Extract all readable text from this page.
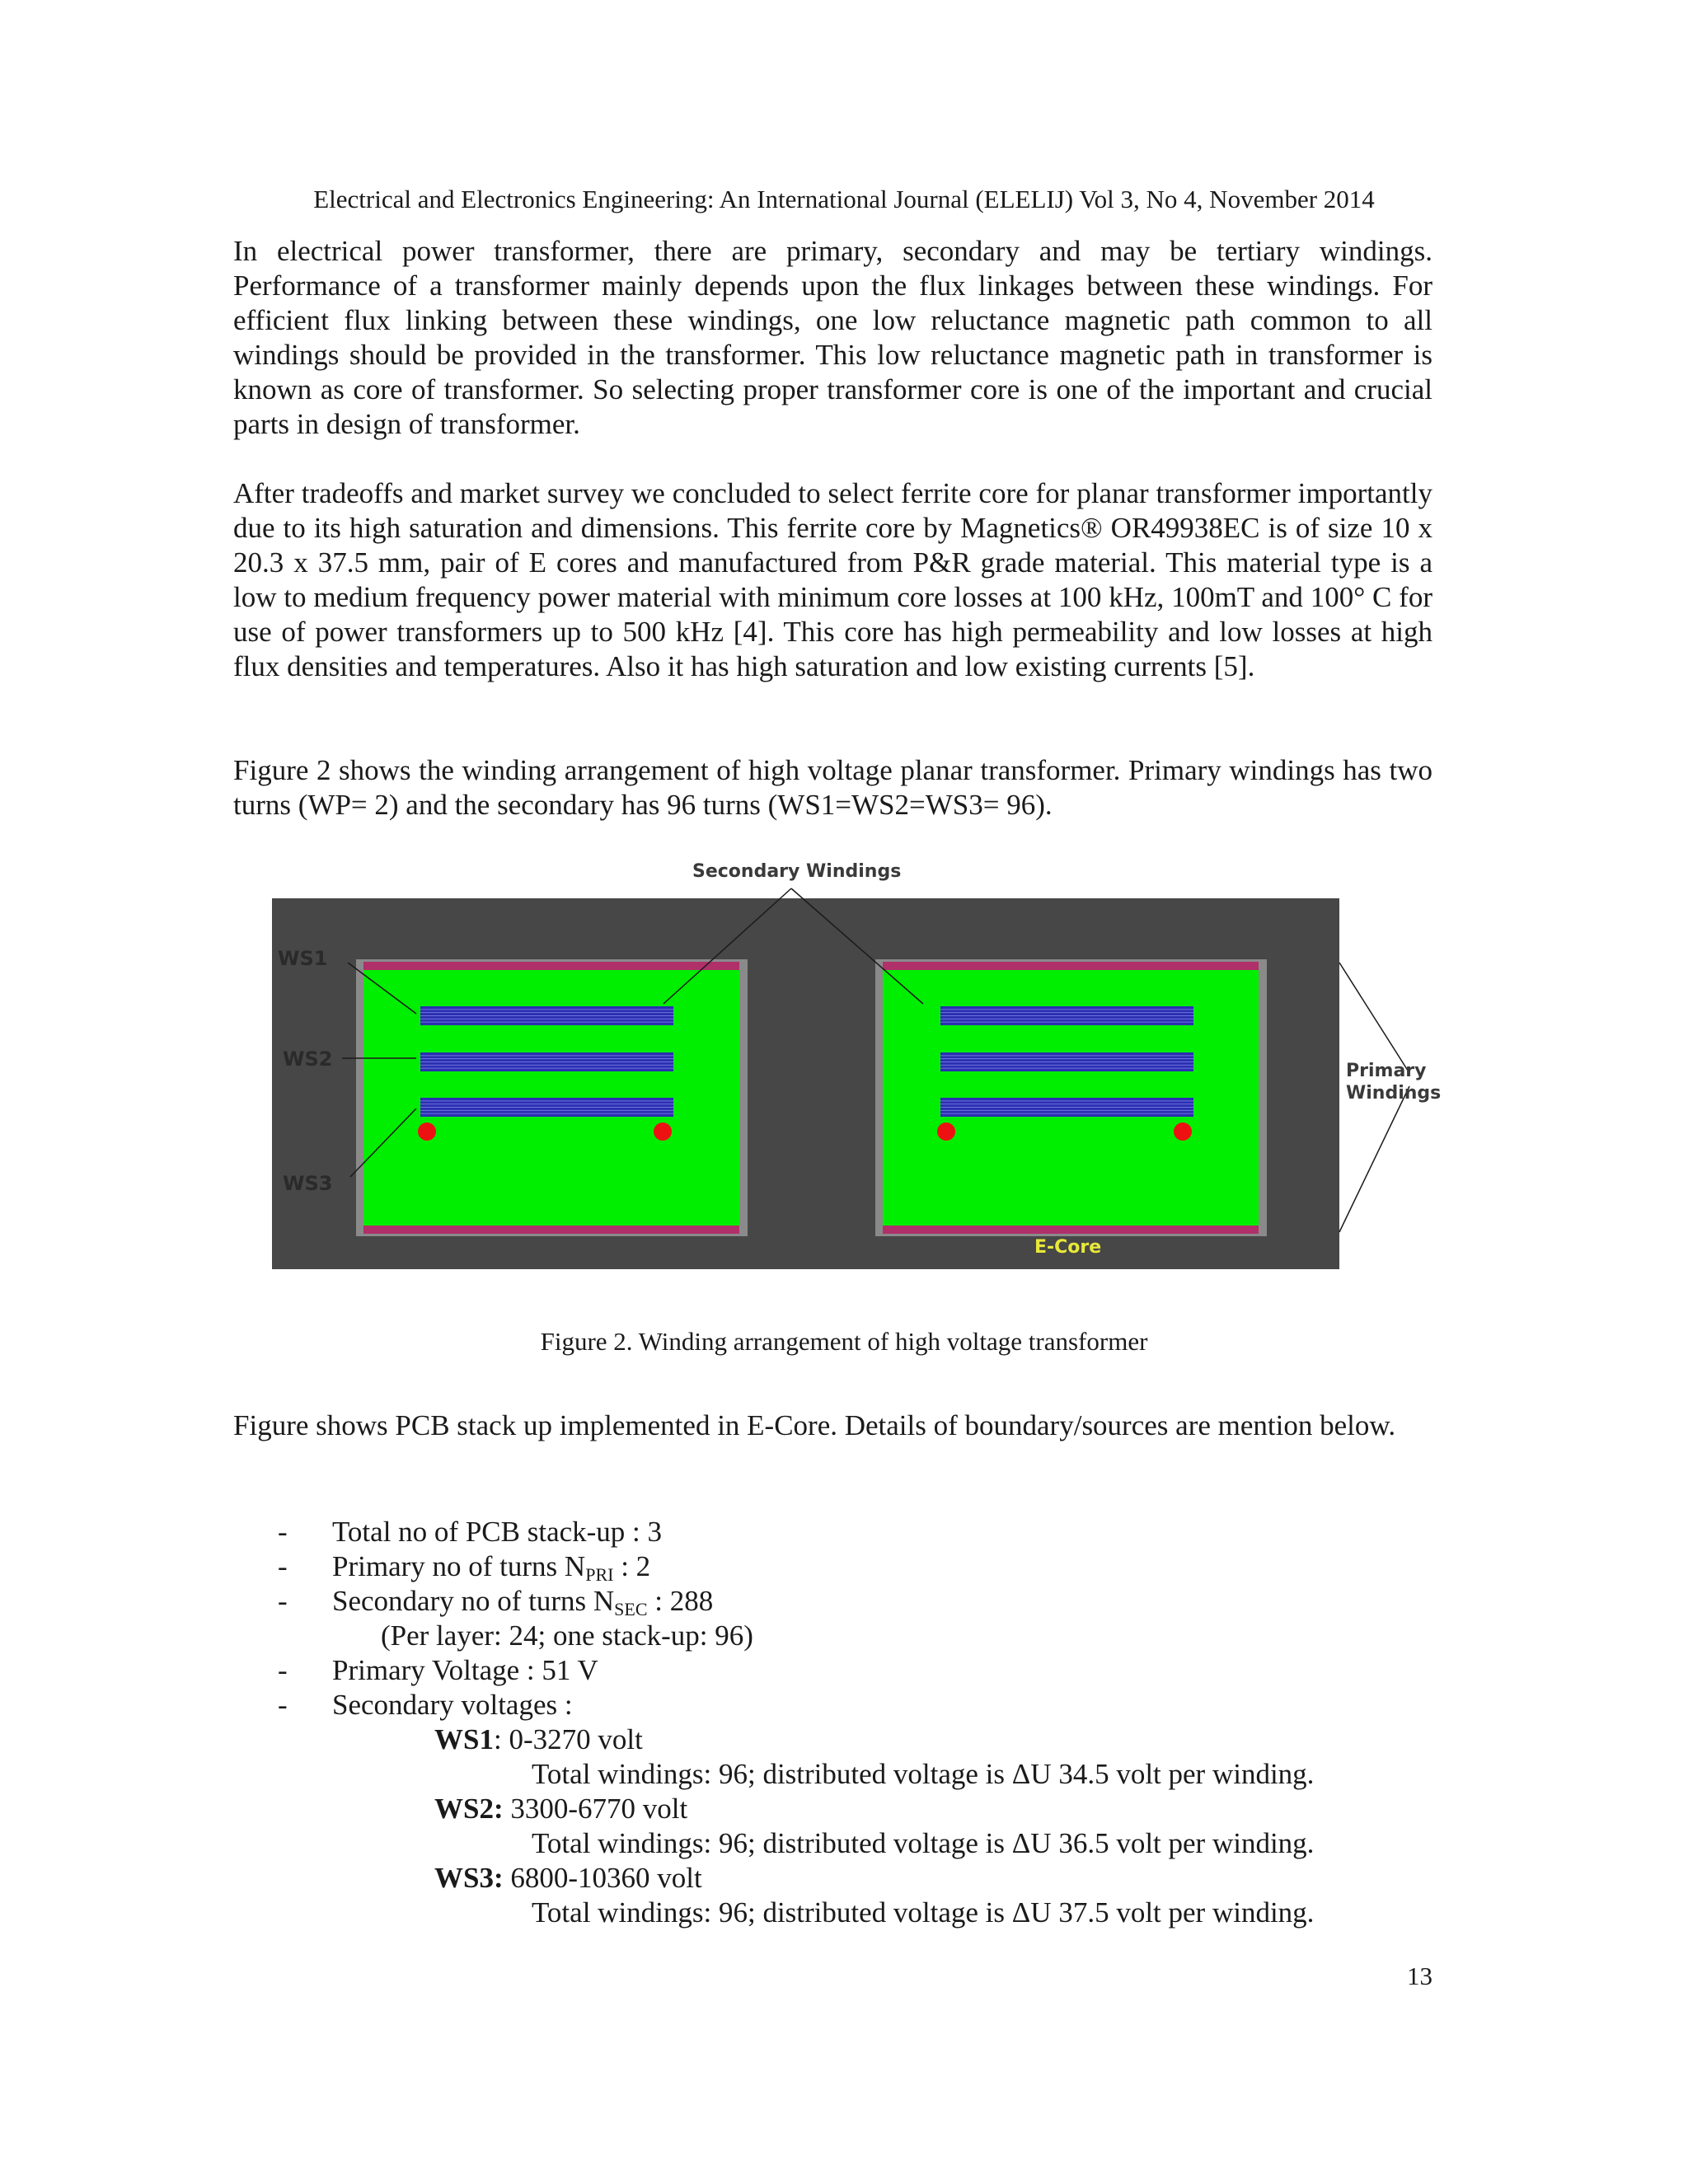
Electrical and Electronics Engineering: An International Journal (ELELIJ) Vol 3, No 4, November 2014

In electrical power transformer, there are primary, secondary and may be tertiary windings. Performance of a transformer mainly depends upon the flux linkages between these windings. For efficient flux linking between these windings, one low reluctance magnetic path common to all windings should be provided in the transformer. This low reluctance magnetic path in transformer is known as core of transformer. So selecting proper transformer core is one of the important and crucial parts in design of transformer.

After tradeoffs and market survey we concluded to select ferrite core for planar transformer importantly due to its high saturation and dimensions. This ferrite core by Magnetics® OR49938EC is of size 10 x 20.3 x 37.5 mm, pair of E cores and manufactured from P&R grade material. This material type is a low to medium frequency power material with minimum core losses at 100 kHz, 100mT and 100° C for use of power transformers up to 500 kHz [4]. This core has high permeability and low losses at high flux densities and temperatures. Also it has high saturation and low existing currents [5].

Figure 2 shows the winding arrangement of high voltage planar transformer. Primary windings has two turns (WP= 2) and the secondary has 96 turns (WS1=WS2=WS3= 96).

Secondary Windings
WS1
WS2
WS3
Primary
Windings
E-Core
Figure 2. Winding arrangement of high voltage transformer

Figure shows PCB stack up implemented in E-Core. Details of boundary/sources are mention below.

- Total no of PCB stack-up : 3
- Primary no of turns $N_{PRI}$ : 2
- Secondary no of turns $N_{SEC}$ : 288
(Per layer: 24; one stack-up: 96)
- Primary Voltage : 51 V
- Secondary voltages :
WS1: 0-3270 volt
Total windings: 96; distributed voltage is ΔU 34.5 volt per winding.
WS2: 3300-6770 volt
Total windings: 96; distributed voltage is ΔU 36.5 volt per winding.
WS3: 6800-10360 volt
Total windings: 96; distributed voltage is ΔU 37.5 volt per winding.
13
